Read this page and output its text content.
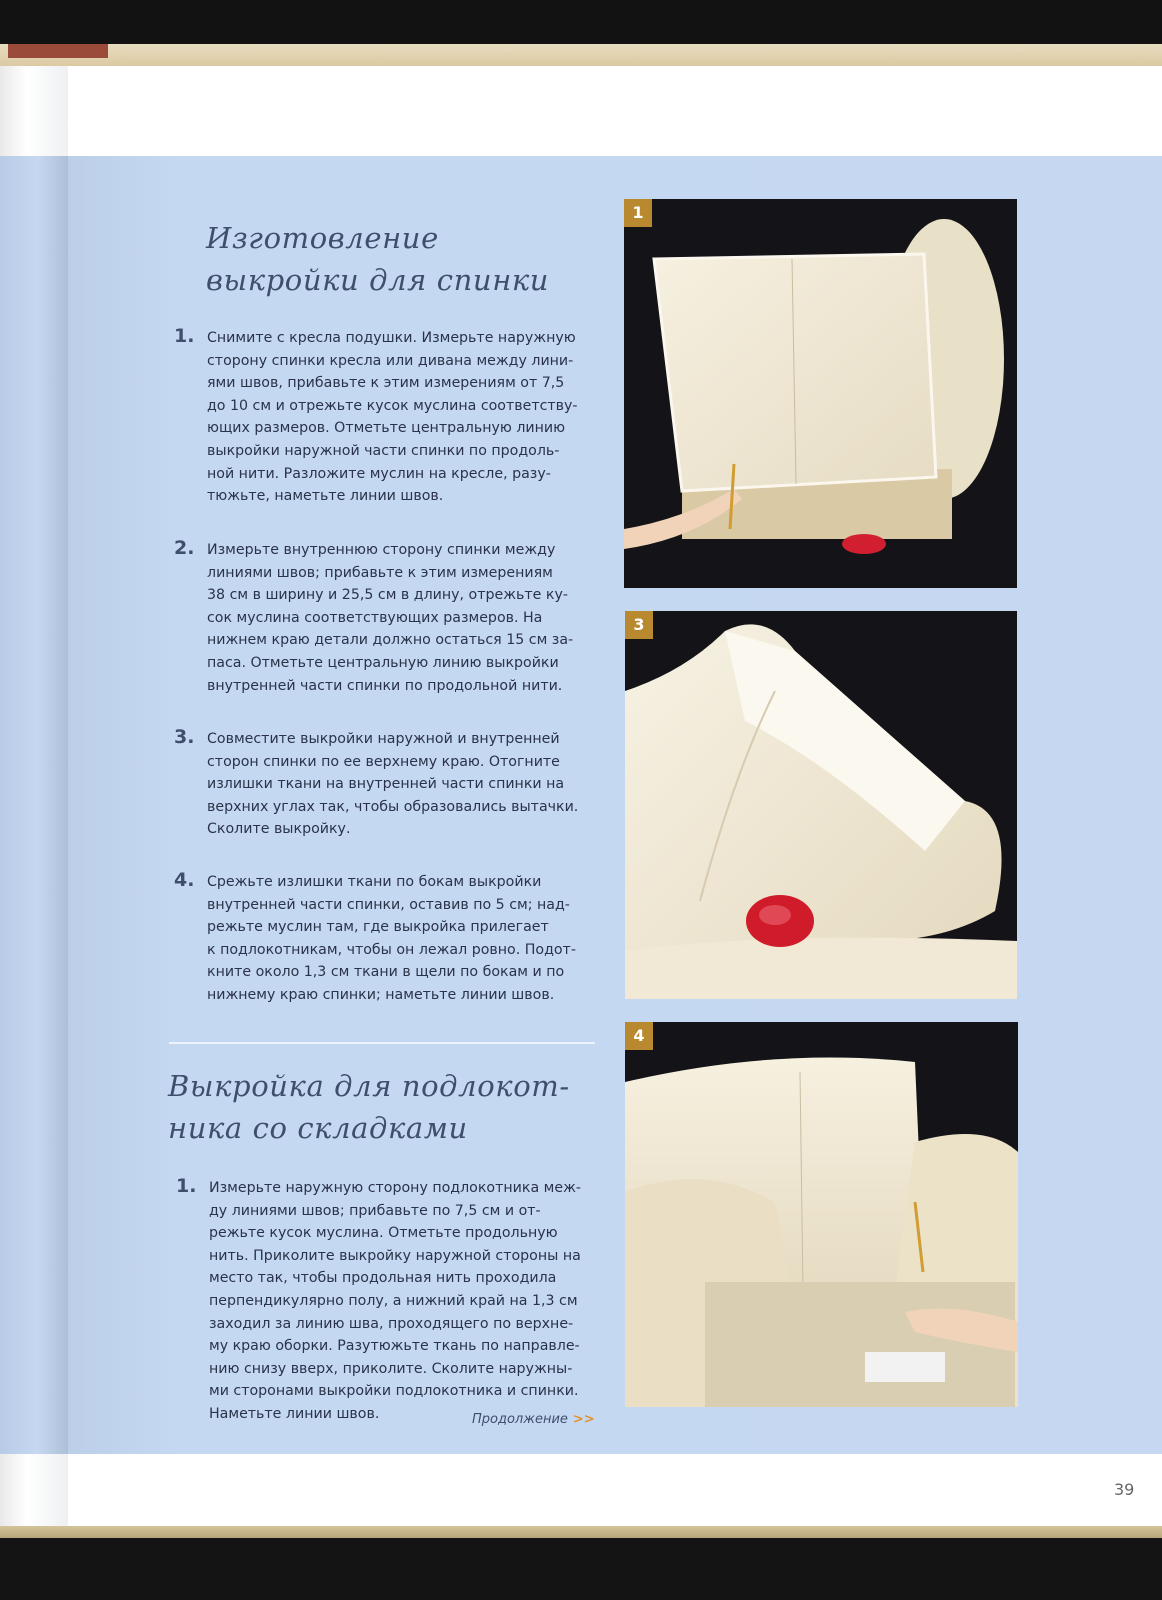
Изготовление
выкройки для спинки
1. Снимите с кресла подушки. Измерьте наружную
сторону спинки кресла или дивана между лини-
ями швов, прибавьте к этим измерениям от 7,5
до 10 см и отрежьте кусок муслина соответству-
ющих размеров. Отметьте центральную линию
выкройки наружной части спинки по продоль-
ной нити. Разложите муслин на кресле, разу-
тюжьте, наметьте линии швов.

2. Измерьте внутреннюю сторону спинки между
линиями швов; прибавьте к этим измерениям
38 см в ширину и 25,5 см в длину, отрежьте ку-
сок муслина соответствующих размеров. На
нижнем краю детали должно остаться 15 см за-
паса. Отметьте центральную линию выкройки
внутренней части спинки по продольной нити.

3. Совместите выкройки наружной и внутренней
сторон спинки по ее верхнему краю. Отогните
излишки ткани на внутренней части спинки на
верхних углах так, чтобы образовались вытачки.
Сколите выкройку.

4. Срежьте излишки ткани по бокам выкройки
внутренней части спинки, оставив по 5 см; над-
режьте муслин там, где выкройка прилегает
к подлокотникам, чтобы он лежал ровно. Подот-
кните около 1,3 см ткани в щели по бокам и по
нижнему краю спинки; наметьте линии швов.

Выкройка для подлокот-
ника со складками
1. Измерьте наружную сторону подлокотника меж-
ду линиями швов; прибавьте по 7,5 см и от-
режьте кусок муслина. Отметьте продольную
нить. Приколите выкройку наружной стороны на
место так, чтобы продольная нить проходила
перпендикулярно полу, а нижний край на 1,3 см
заходил за линию шва, проходящего по верхне-
му краю оборки. Разутюжьте ткань по направле-
нию снизу вверх, приколите. Сколите наружны-
ми сторонами выкройки подлокотника и спинки.
Наметьте линии швов.	Продолжение >>
39
1
3
4
